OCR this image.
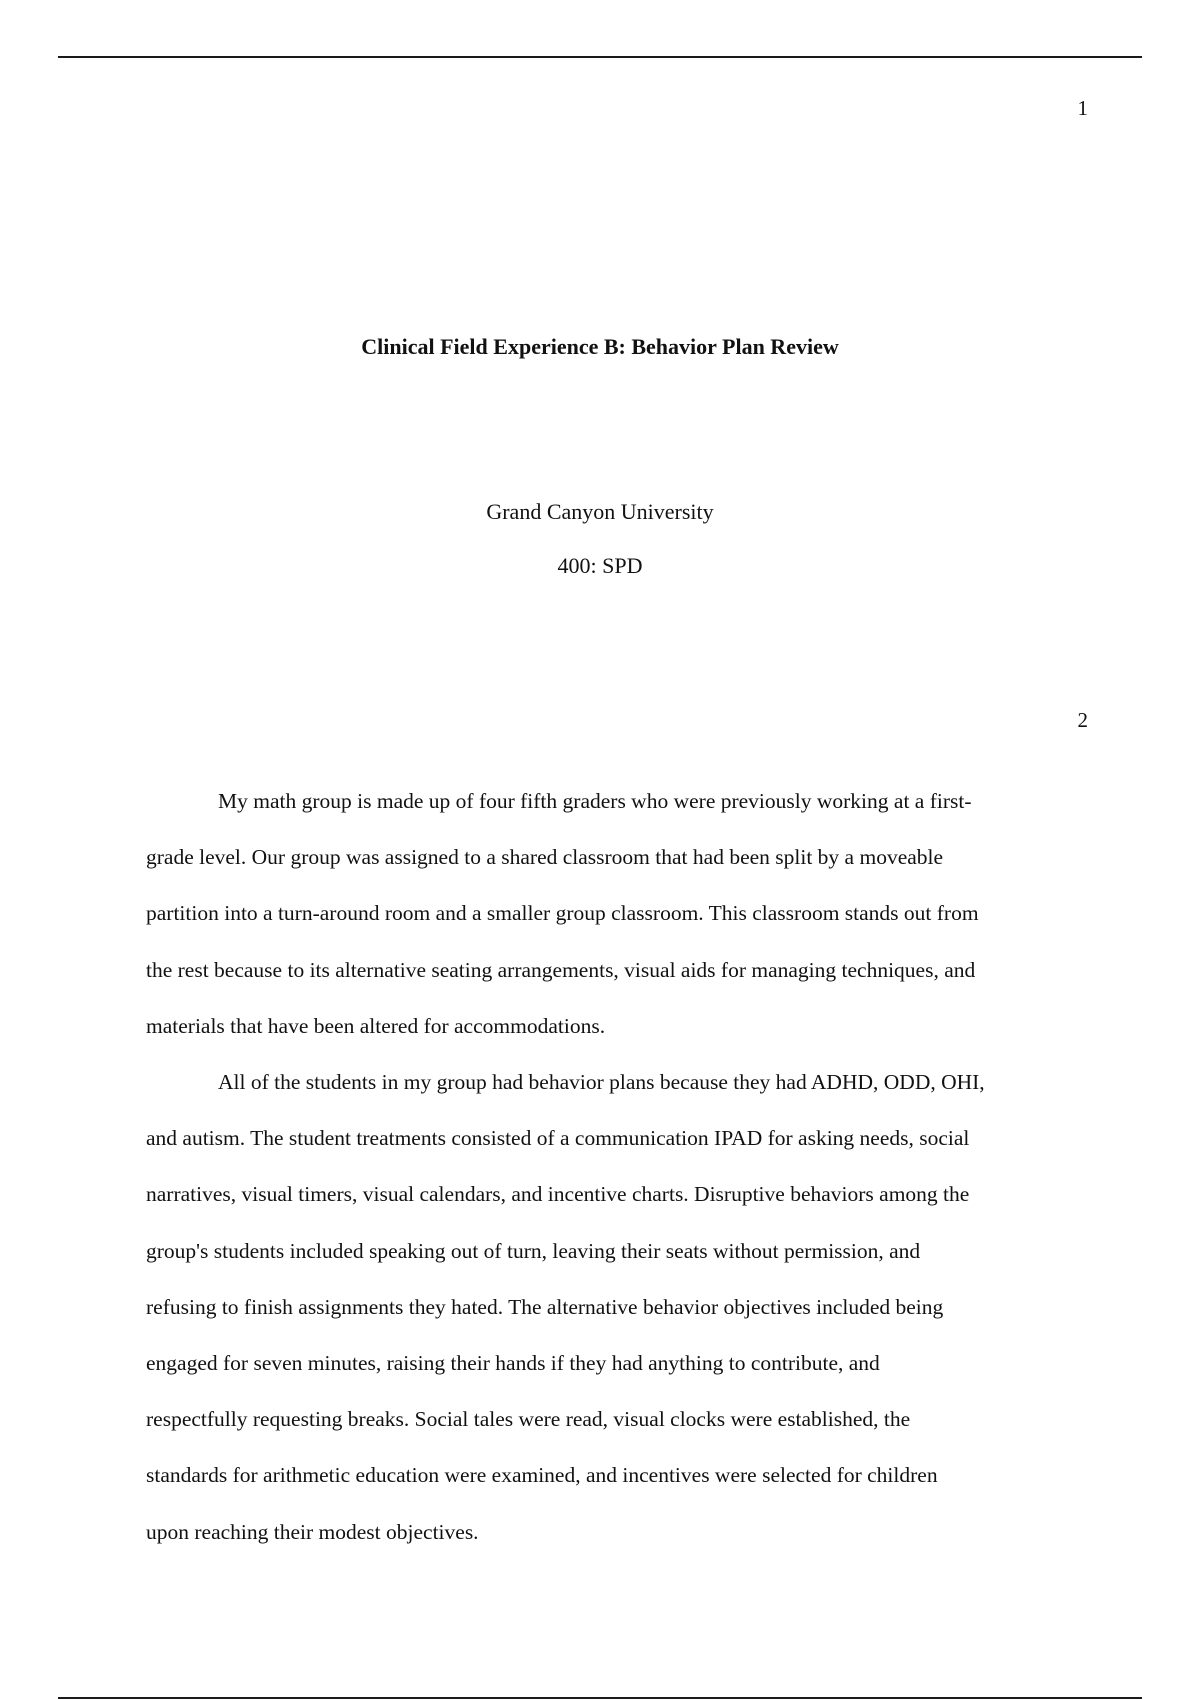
1
Clinical Field Experience B: Behavior Plan Review
Grand Canyon University
400: SPD
2
My math group is made up of four fifth graders who were previously working at a first-
grade level. Our group was assigned to a shared classroom that had been split by a moveable
partition into a turn-around room and a smaller group classroom. This classroom stands out from
the rest because to its alternative seating arrangements, visual aids for managing techniques, and
materials that have been altered for accommodations.
All of the students in my group had behavior plans because they had ADHD, ODD, OHI,
and autism. The student treatments consisted of a communication IPAD for asking needs, social
narratives, visual timers, visual calendars, and incentive charts. Disruptive behaviors among the
group's students included speaking out of turn, leaving their seats without permission, and
refusing to finish assignments they hated. The alternative behavior objectives included being
engaged for seven minutes, raising their hands if they had anything to contribute, and
respectfully requesting breaks. Social tales were read, visual clocks were established, the
standards for arithmetic education were examined, and incentives were selected for children
upon reaching their modest objectives.
